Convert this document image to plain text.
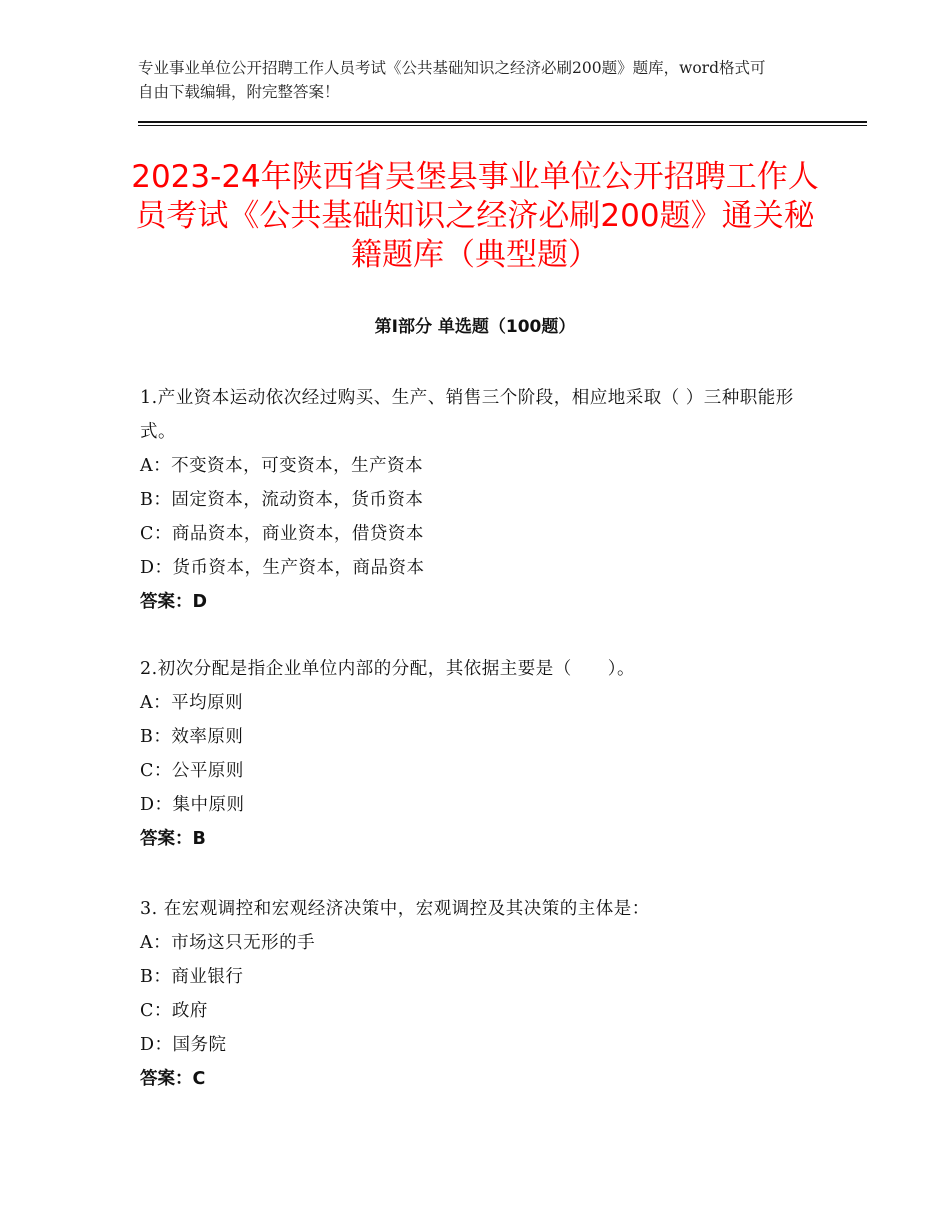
专业事业单位公开招聘工作人员考试《公共基础知识之经济必刷200题》题库，word格式可自由下载编辑，附完整答案！
2023-24年陕西省吴堡县事业单位公开招聘工作人员考试《公共基础知识之经济必刷200题》通关秘籍题库（典型题）
第Ⅰ部分 单选题（100题）
1.产业资本运动依次经过购买、生产、销售三个阶段，相应地采取（ ）三种职能形式。
A：不变资本，可变资本，生产资本
B：固定资本，流动资本，货币资本
C：商品资本，商业资本，借贷资本
D：货币资本，生产资本，商品资本
答案：D
2.初次分配是指企业单位内部的分配，其依据主要是（　　）。
A：平均原则
B：效率原则
C：公平原则
D：集中原则
答案：B
3. 在宏观调控和宏观经济决策中，宏观调控及其决策的主体是：
A：市场这只无形的手
B：商业银行
C：政府
D：国务院
答案：C
